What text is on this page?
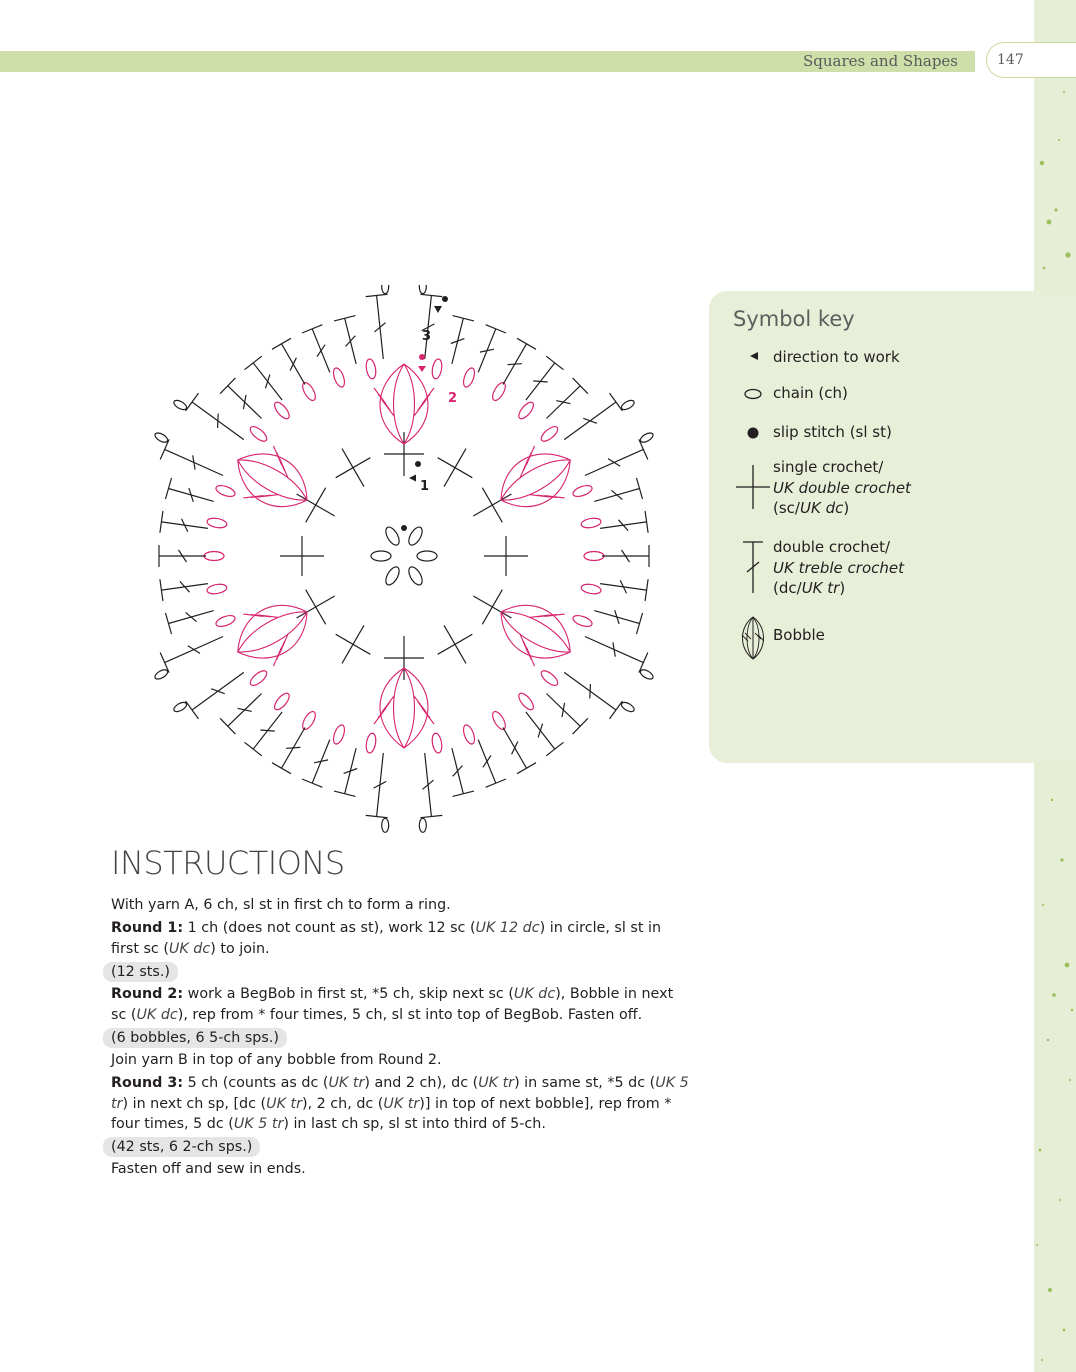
Squares and Shapes	147
3
2
1
Symbol key
direction to work
chain (ch)
slip stitch (sl st)
single crochet/
UK double crochet
(sc/UK dc)
double crochet/
UK treble crochet
(dc/UK tr)
Bobble
INSTRUCTIONS

With yarn A, 6 ch, sl st in first ch to form a ring.

Round 1: 1 ch (does not count as st), work 12 sc (UK 12 dc) in circle, sl st in first sc (UK dc) to join.

(12 sts.)

Round 2: work a BegBob in first st, *5 ch, skip next sc (UK dc), Bobble in next sc (UK dc), rep from * four times, 5 ch, sl st into top of BegBob. Fasten off.

(6 bobbles, 6 5-ch sps.)

Join yarn B in top of any bobble from Round 2.

Round 3: 5 ch (counts as dc (UK tr) and 2 ch), dc (UK tr) in same st, *5 dc (UK 5 tr) in next ch sp, [dc (UK tr), 2 ch, dc (UK tr)] in top of next bobble], rep from * four times, 5 dc (UK 5 tr) in last ch sp, sl st into third of 5-ch.

(42 sts, 6 2-ch sps.)

Fasten off and sew in ends.
